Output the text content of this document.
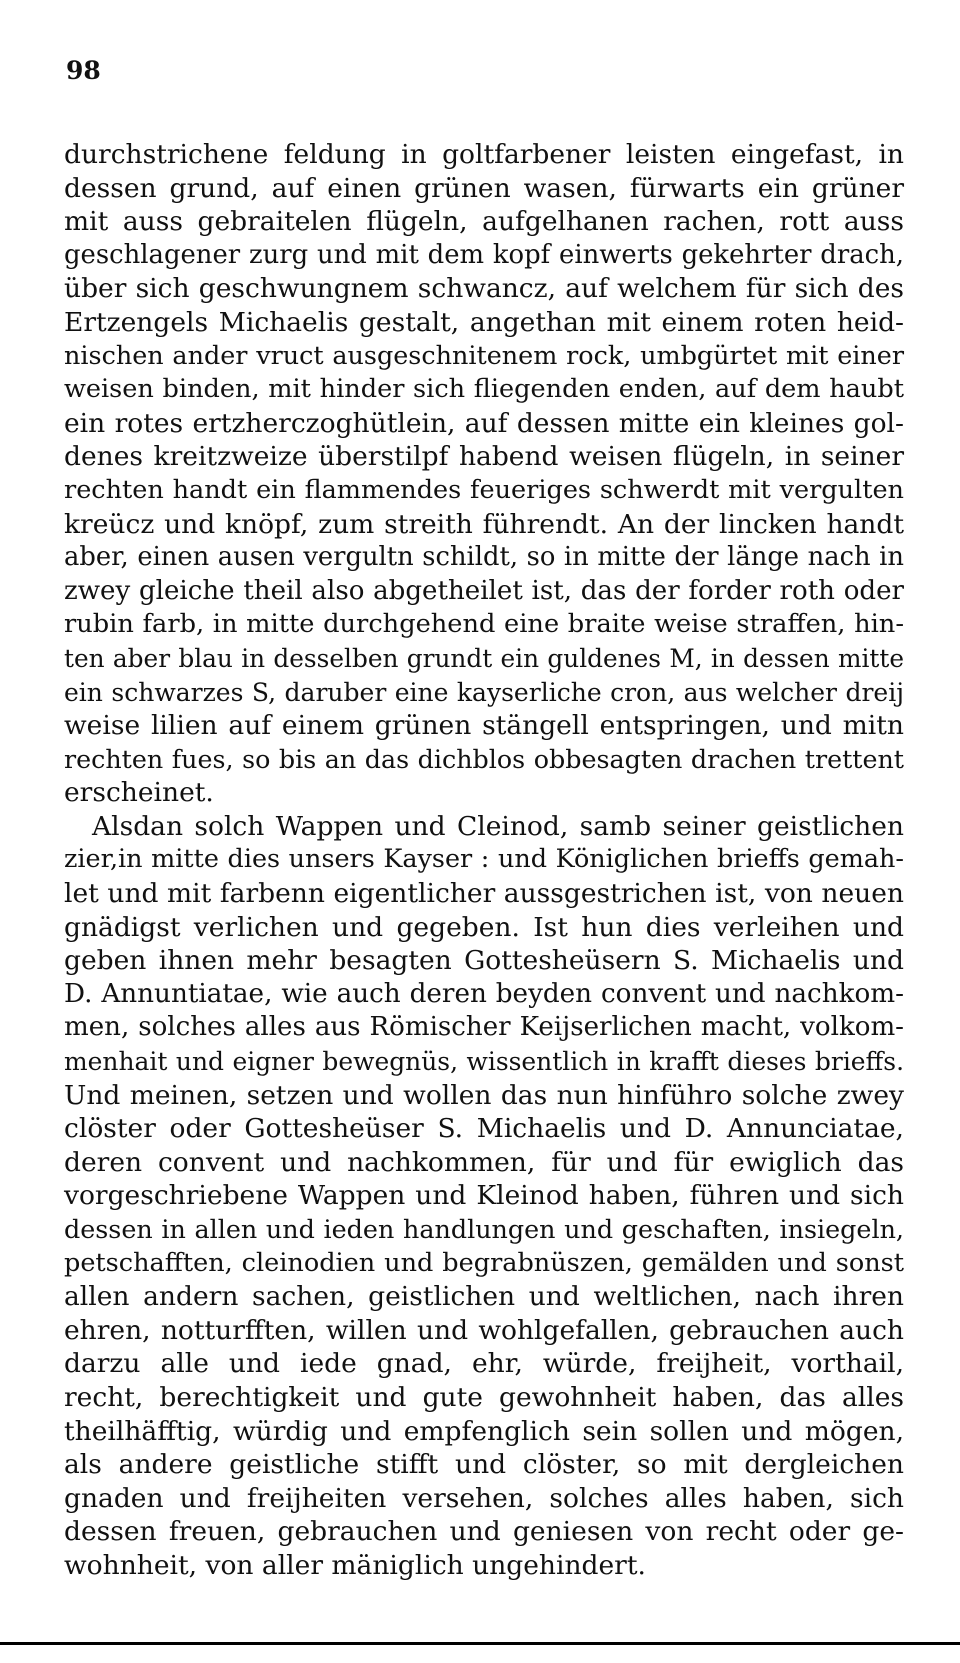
98
durchstrichene feldung in goltfarbener leisten eingefast, in
dessen grund, auf einen grünen wasen, fürwarts ein grüner
mit auss gebraitelen flügeln, aufgelhanen rachen, rott auss
geschlagener zurg und mit dem kopf einwerts gekehrter drach,
über sich geschwungnem schwancz, auf welchem für sich des
Ertzengels Michaelis gestalt, angethan mit einem roten heid-
nischen ander vruct ausgeschnitenem rock, umbgürtet mit einer
weisen binden, mit hinder sich fliegenden enden, auf dem haubt
ein rotes ertzherczoghütlein, auf dessen mitte ein kleines gol-
denes kreitzweize überstilpf habend weisen flügeln, in seiner
rechten handt ein flammendes feueriges schwerdt mit vergulten
kreücz und knöpf, zum streith führendt. An der lincken handt
aber, einen ausen vergultn schildt, so in mitte der länge nach in
zwey gleiche theil also abgetheilet ist, das der forder roth oder
rubin farb, in mitte durchgehend eine braite weise straffen, hin-
ten aber blau in desselben grundt ein guldenes M, in dessen mitte
ein schwarzes S, daruber eine kayserliche cron, aus welcher dreij
weise lilien auf einem grünen stängell entspringen, und mitn
rechten fues, so bis an das dichblos obbesagten drachen trettent
erscheinet.
Alsdan solch Wappen und Cleinod, samb seiner geistlichen
zier,in mitte dies unsers Kayser : und Königlichen brieffs gemah-
let und mit farbenn eigentlicher aussgestrichen ist, von neuen
gnädigst verlichen und gegeben. Ist hun dies verleihen und
geben ihnen mehr besagten Gotteshеüsern S. Michaelis und
D. Annuntiatae, wie auch deren beyden convent und nachkom-
men, solches alles aus Römischer Keijserlichen macht, volkom-
menhait und eigner bewegnüs, wissentlich in krafft dieses brieffs.
Und meinen, setzen und wollen das nun hinführo solche zwey
clöster oder Gotteshеüser S. Michaelis und D. Annunciatae,
deren convent und nachkommen, für und für ewiglich das
vorgeschriebene Wappen und Kleinod haben, führen und sich
dessen in allen und ieden handlungen und geschaften, insiegeln,
petschafften, cleinodien und begrabnüszen, gemälden und sonst
allen andern sachen, geistlichen und weltlichen, nach ihren
ehren, notturfften, willen und wohlgefallen, gebrauchen auch
darzu alle und iede gnad, ehr, würde, freijheit, vorthail,
recht, berechtigkeit und gute gewohnheit haben, das alles
theilhäfftig, würdig und empfenglich sein sollen und mögen,
als andere geistliche stifft und clöster, so mit dergleichen
gnaden und freijheiten versehen, solches alles haben, sich
dessen freuen, gebrauchen und geniesen von recht oder ge-
wohnheit, von aller mäniglich ungehindert.
